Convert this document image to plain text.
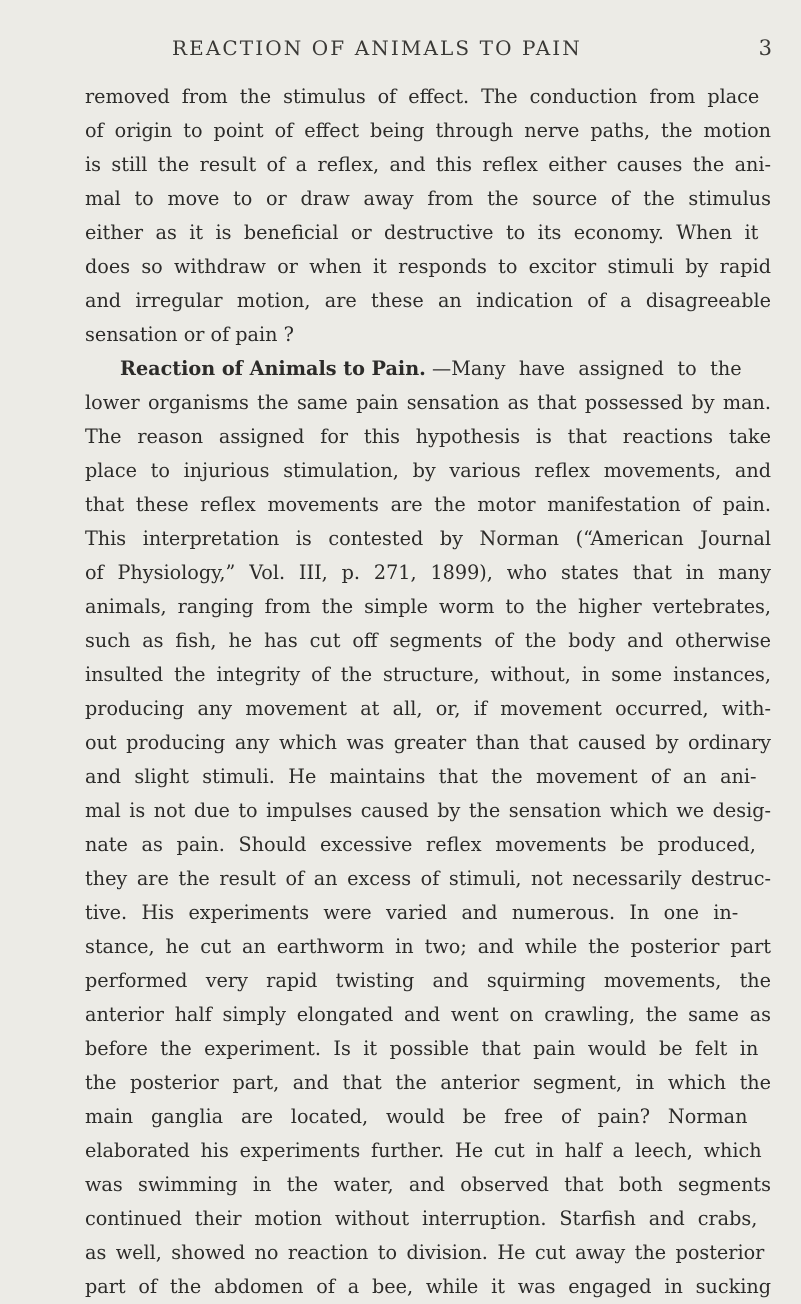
REACTION OF ANIMALS TO PAIN	3
removed from the stimulus of effect. The conduction from place
of origin to point of effect being through nerve paths, the motion
is still the result of a reflex, and this reflex either causes the ani-
mal to move to or draw away from the source of the stimulus
either as it is beneficial or destructive to its economy. When it
does so withdraw or when it responds to excitor stimuli by rapid
and irregular motion, are these an indication of a disagreeable
sensation or of pain ?
Reaction of Animals to Pain. —Many have assigned to the
lower organisms the same pain sensation as that possessed by man.
The reason assigned for this hypothesis is that reactions take
place to injurious stimulation, by various reflex movements, and
that these reflex movements are the motor manifestation of pain.
This interpretation is contested by Norman (“American Journal
of Physiology,” Vol. III, p. 271, 1899), who states that in many
animals, ranging from the simple worm to the higher vertebrates,
such as fish, he has cut off segments of the body and otherwise
insulted the integrity of the structure, without, in some instances,
producing any movement at all, or, if movement occurred, with-
out producing any which was greater than that caused by ordinary
and slight stimuli. He maintains that the movement of an ani-
mal is not due to impulses caused by the sensation which we desig-
nate as pain. Should excessive reflex movements be produced,
they are the result of an excess of stimuli, not necessarily destruc-
tive. His experiments were varied and numerous. In one in-
stance, he cut an earthworm in two; and while the posterior part
performed very rapid twisting and squirming movements, the
anterior half simply elongated and went on crawling, the same as
before the experiment. Is it possible that pain would be felt in
the posterior part, and that the anterior segment, in which the
main ganglia are located, would be free of pain? Norman
elaborated his experiments further. He cut in half a leech, which
was swimming in the water, and observed that both segments
continued their motion without interruption. Starfish and crabs,
as well, showed no reaction to division. He cut away the posterior
part of the abdomen of a bee, while it was engaged in sucking
